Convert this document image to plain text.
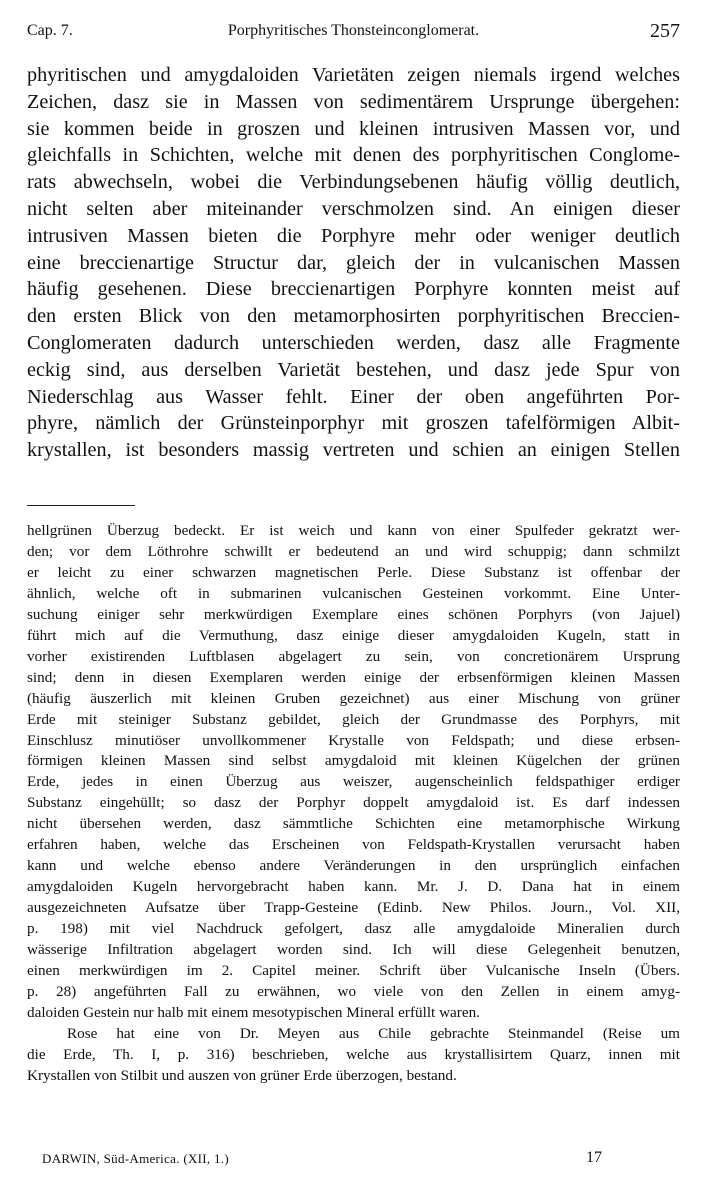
Cap. 7.	Porphyritisches Thonsteinconglomerat.	257
phyritischen und amygdaloiden Varietäten zeigen niemals irgend welches
Zeichen, dasz sie in Massen von sedimentärem Ursprunge übergehen:
sie kommen beide in groszen und kleinen intrusiven Massen vor, und
gleichfalls in Schichten, welche mit denen des porphyritischen Conglome-
rats abwechseln, wobei die Verbindungsebenen häufig völlig deutlich,
nicht selten aber miteinander verschmolzen sind. An einigen dieser
intrusiven Massen bieten die Porphyre mehr oder weniger deutlich
eine breccienartige Structur dar, gleich der in vulcanischen Massen
häufig gesehenen. Diese breccienartigen Porphyre konnten meist auf
den ersten Blick von den metamorphosirten porphyritischen Breccien-
Conglomeraten dadurch unterschieden werden, dasz alle Fragmente
eckig sind, aus derselben Varietät bestehen, und dasz jede Spur von
Niederschlag aus Wasser fehlt. Einer der oben angeführten Por-
phyre, nämlich der Grünsteinporphyr mit groszen tafelförmigen Albit-
krystallen, ist besonders massig vertreten und schien an einigen Stellen
hellgrünen Überzug bedeckt. Er ist weich und kann von einer Spulfeder gekratzt wer-
den; vor dem Löthrohre schwillt er bedeutend an und wird schuppig; dann schmilzt
er leicht zu einer schwarzen magnetischen Perle. Diese Substanz ist offenbar der
ähnlich, welche oft in submarinen vulcanischen Gesteinen vorkommt. Eine Unter-
suchung einiger sehr merkwürdigen Exemplare eines schönen Porphyrs (von Jajuel)
führt mich auf die Vermuthung, dasz einige dieser amygdaloiden Kugeln, statt in
vorher existirenden Luftblasen abgelagert zu sein, von concretionärem Ursprung
sind; denn in diesen Exemplaren werden einige der erbsenförmigen kleinen Massen
(häufig äuszerlich mit kleinen Gruben gezeichnet) aus einer Mischung von grüner
Erde mit steiniger Substanz gebildet, gleich der Grundmasse des Porphyrs, mit
Einschlusz minutiöser unvollkommener Krystalle von Feldspath; und diese erbsen-
förmigen kleinen Massen sind selbst amygdaloid mit kleinen Kügelchen der grünen
Erde, jedes in einen Überzug aus weiszer, augenscheinlich feldspathiger erdiger
Substanz eingehüllt; so dasz der Porphyr doppelt amygdaloid ist. Es darf indessen
nicht übersehen werden, dasz sämmtliche Schichten eine metamorphische Wirkung
erfahren haben, welche das Erscheinen von Feldspath-Krystallen verursacht haben
kann und welche ebenso andere Veränderungen in den ursprünglich einfachen
amygdaloiden Kugeln hervorgebracht haben kann. Mr. J. D. Dana hat in einem
ausgezeichneten Aufsatze über Trapp-Gesteine (Edinb. New Philos. Journ., Vol. XII,
p. 198) mit viel Nachdruck gefolgert, dasz alle amygdaloide Mineralien durch
wässerige Infiltration abgelagert worden sind. Ich will diese Gelegenheit benutzen,
einen merkwürdigen im 2. Capitel meiner. Schrift über Vulcanische Inseln (Übers.
p. 28) angeführten Fall zu erwähnen, wo viele von den Zellen in einem amyg-
daloiden Gestein nur halb mit einem mesotypischen Mineral erfüllt waren.
Rose hat eine von Dr. Meyen aus Chile gebrachte Steinmandel (Reise um
die Erde, Th. I, p. 316) beschrieben, welche aus krystallisirtem Quarz, innen mit
Krystallen von Stilbit und auszen von grüner Erde überzogen, bestand.
DARWIN, Süd-America. (XII, 1.)	17
